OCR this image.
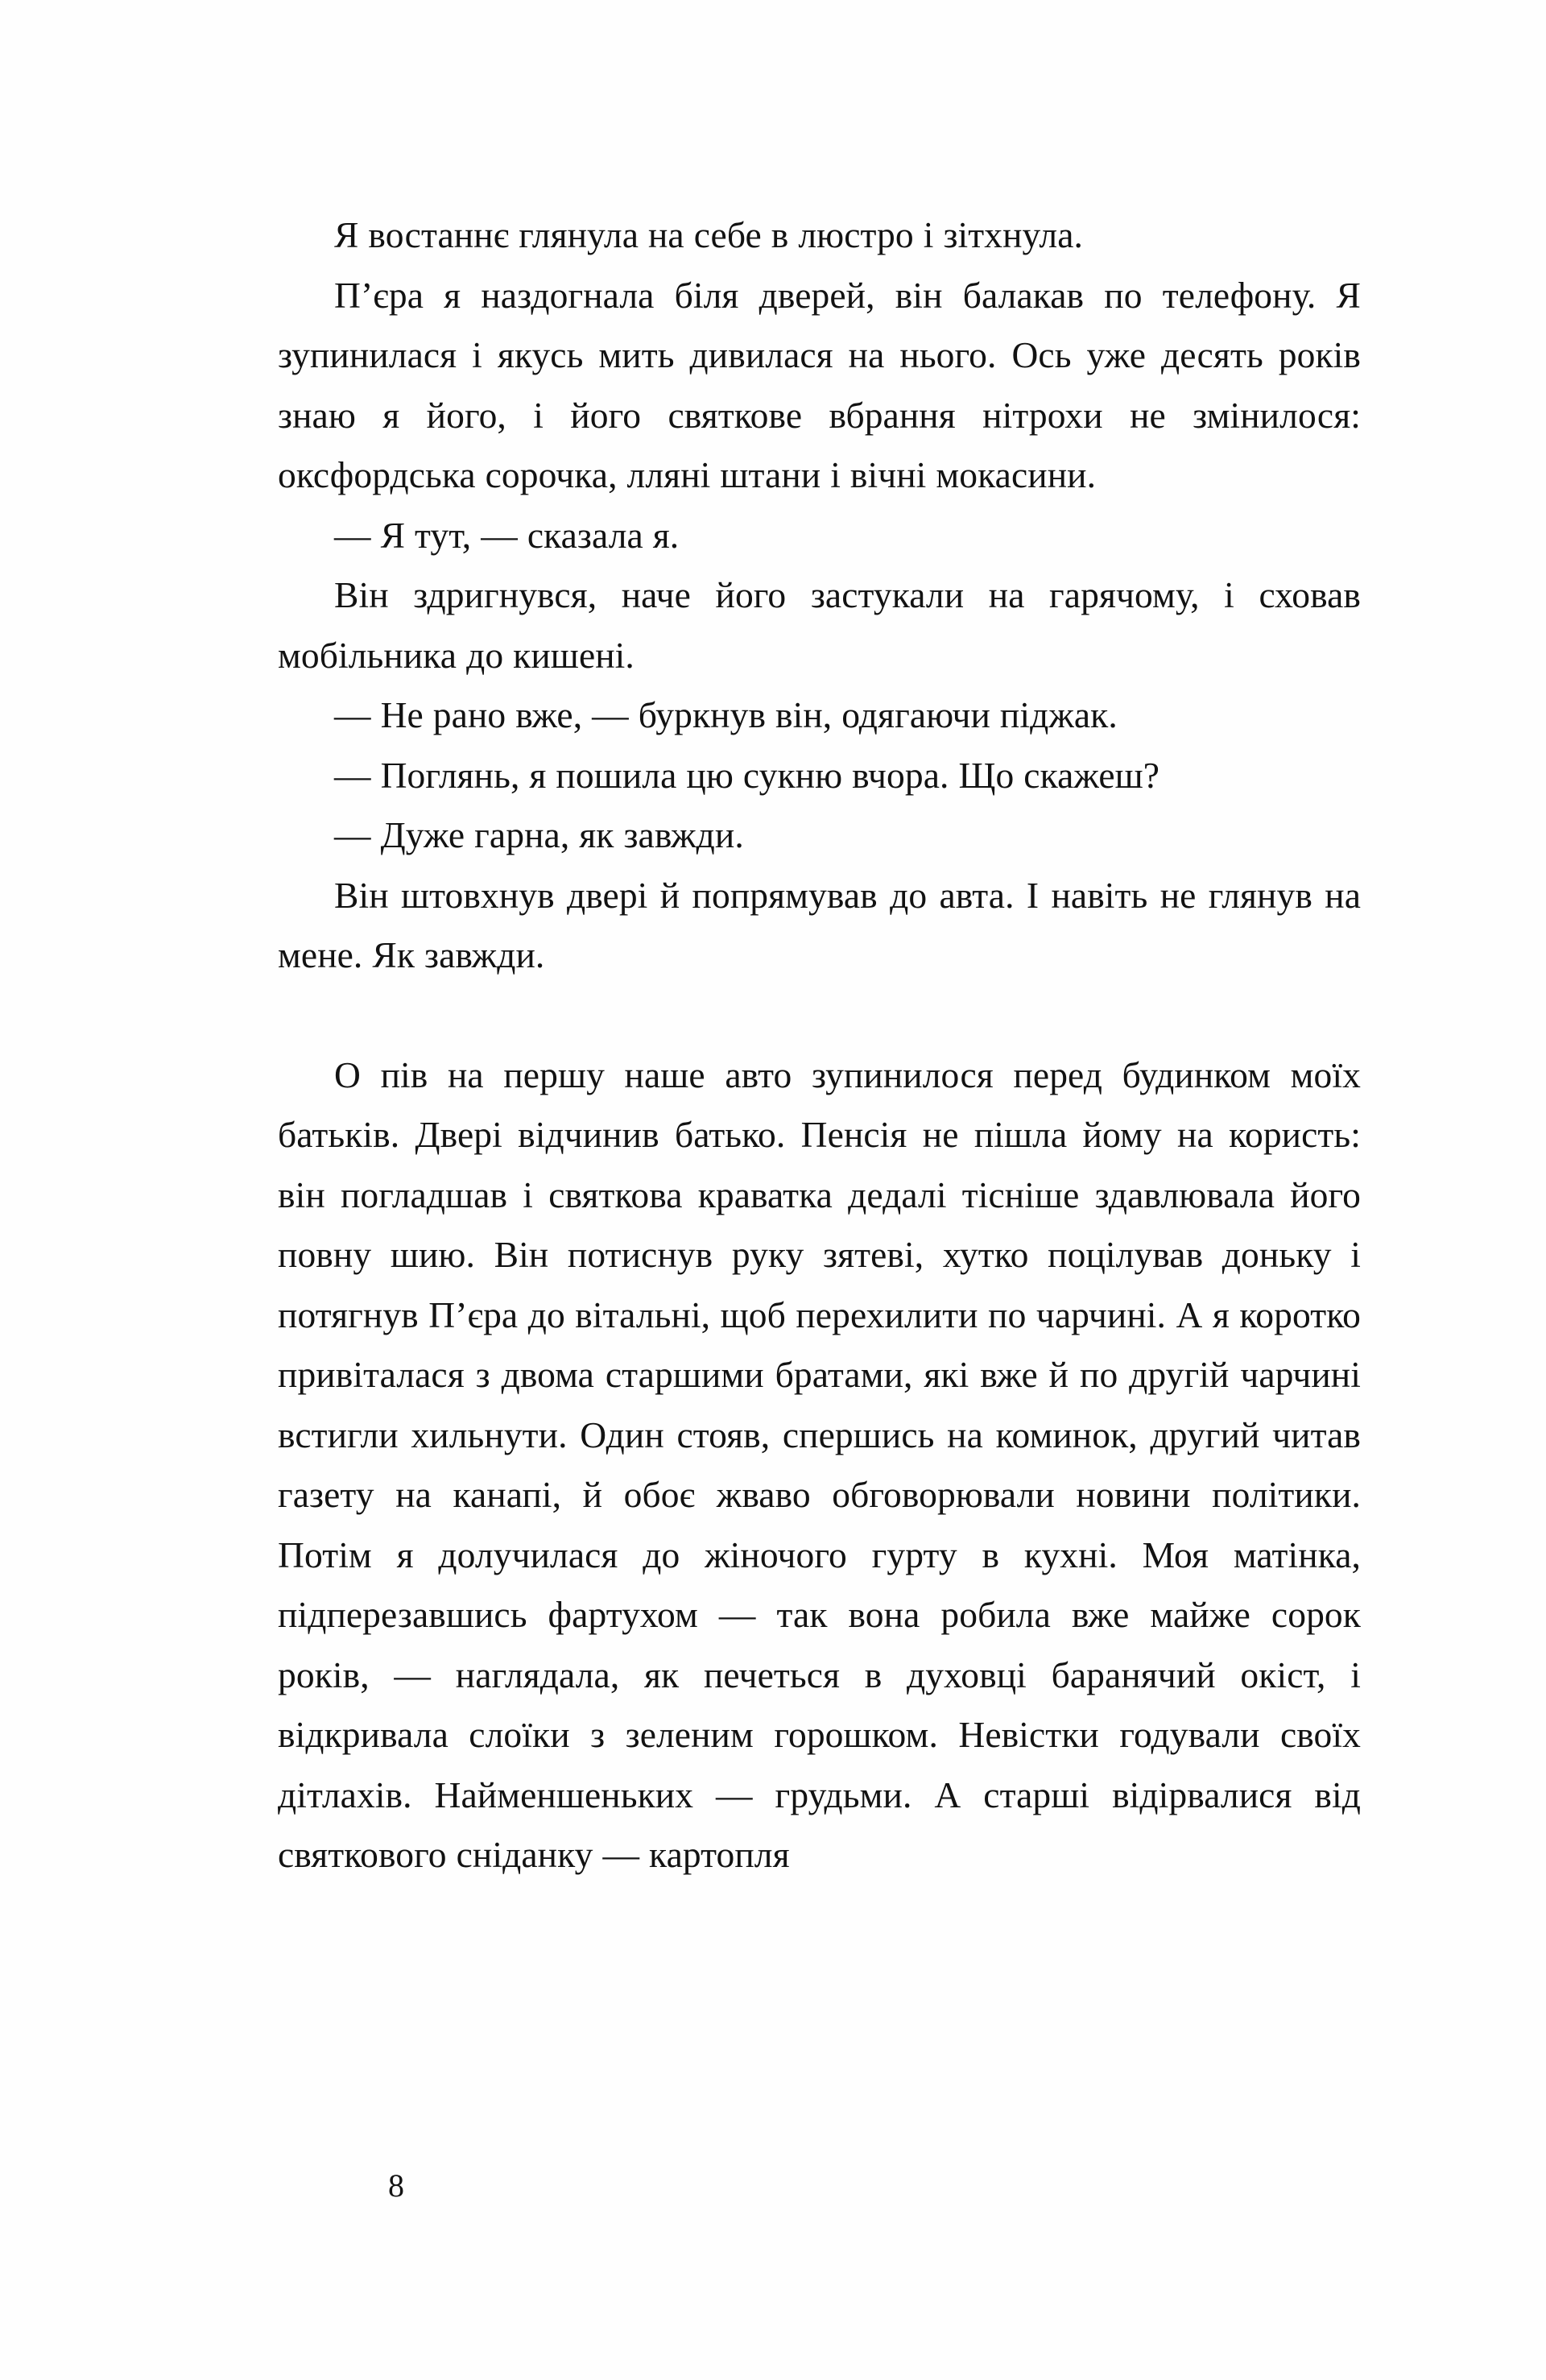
Я востаннє глянула на себе в люстро і зітхнула.

П’єра я наздогнала біля дверей, він балакав по телефону. Я зупинилася і якусь мить дивилася на нього. Ось уже десять років знаю я його, і його святкове вбрання нітрохи не змінилося: оксфордська сорочка, лляні штани і вічні мокасини.

— Я тут, — сказала я.

Він здригнувся, наче його застукали на гарячому, і сховав мобільника до кишені.

— Не рано вже, — буркнув він, одягаючи піджак.

— Поглянь, я пошила цю сукню вчора. Що скажеш?

— Дуже гарна, як завжди.

Він штовхнув двері й попрямував до авта. І навіть не глянув на мене. Як завжди.

О пів на першу наше авто зупинилося перед будинком моїх батьків. Двері відчинив батько. Пенсія не пішла йому на користь: він погладшав і святкова краватка дедалі тісніше здавлювала його повну шию. Він потиснув руку зятеві, хутко поцілував доньку і потягнув П’єра до вітальні, щоб перехилити по чарчині. А я коротко привіталася з двома старшими братами, які вже й по другій чарчині встигли хильнути. Один стояв, спершись на коминок, другий читав газету на канапі, й обоє жваво обговорювали новини політики. Потім я долучилася до жіночого гурту в кухні. Моя матінка, підперезавшись фартухом — так вона робила вже майже сорок років, — наглядала, як печеться в духовці баранячий окіст, і відкривала слоїки з зеленим горошком. Невістки годували своїх дітлахів. Найменшеньких — грудьми. А старші відірвалися від святкового сніданку — картопля

8
